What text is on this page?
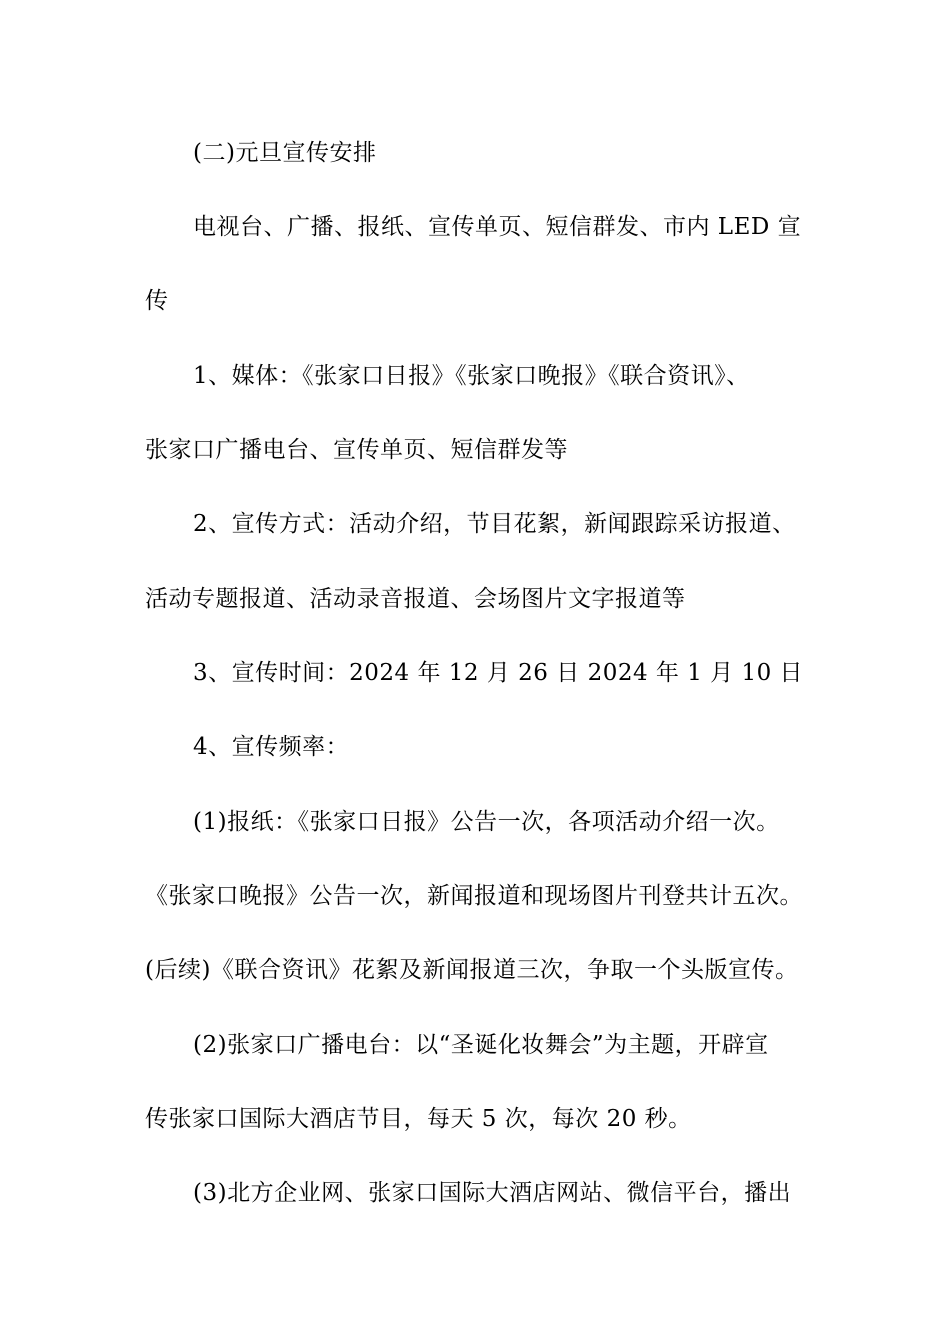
(二)元旦宣传安排
电视台、广播、报纸、宣传单页、短信群发、市内 LED 宣
传
1、媒体：《张家口日报》《张家口晚报》《联合资讯》、
张家口广播电台、宣传单页、短信群发等
2、宣传方式：活动介绍，节目花絮，新闻跟踪采访报道、
活动专题报道、活动录音报道、会场图片文字报道等
3、宣传时间：2024 年 12 月 26 日 2024 年 1 月 10 日
4、宣传频率：
(1)报纸：《张家口日报》公告一次，各项活动介绍一次。
《张家口晚报》公告一次，新闻报道和现场图片刊登共计五次。
(后续)《联合资讯》花絮及新闻报道三次，争取一个头版宣传。
(2)张家口广播电台：以“圣诞化妆舞会”为主题，开辟宣
传张家口国际大酒店节目，每天 5 次，每次 20 秒。
(3)北方企业网、张家口国际大酒店网站、微信平台，播出
